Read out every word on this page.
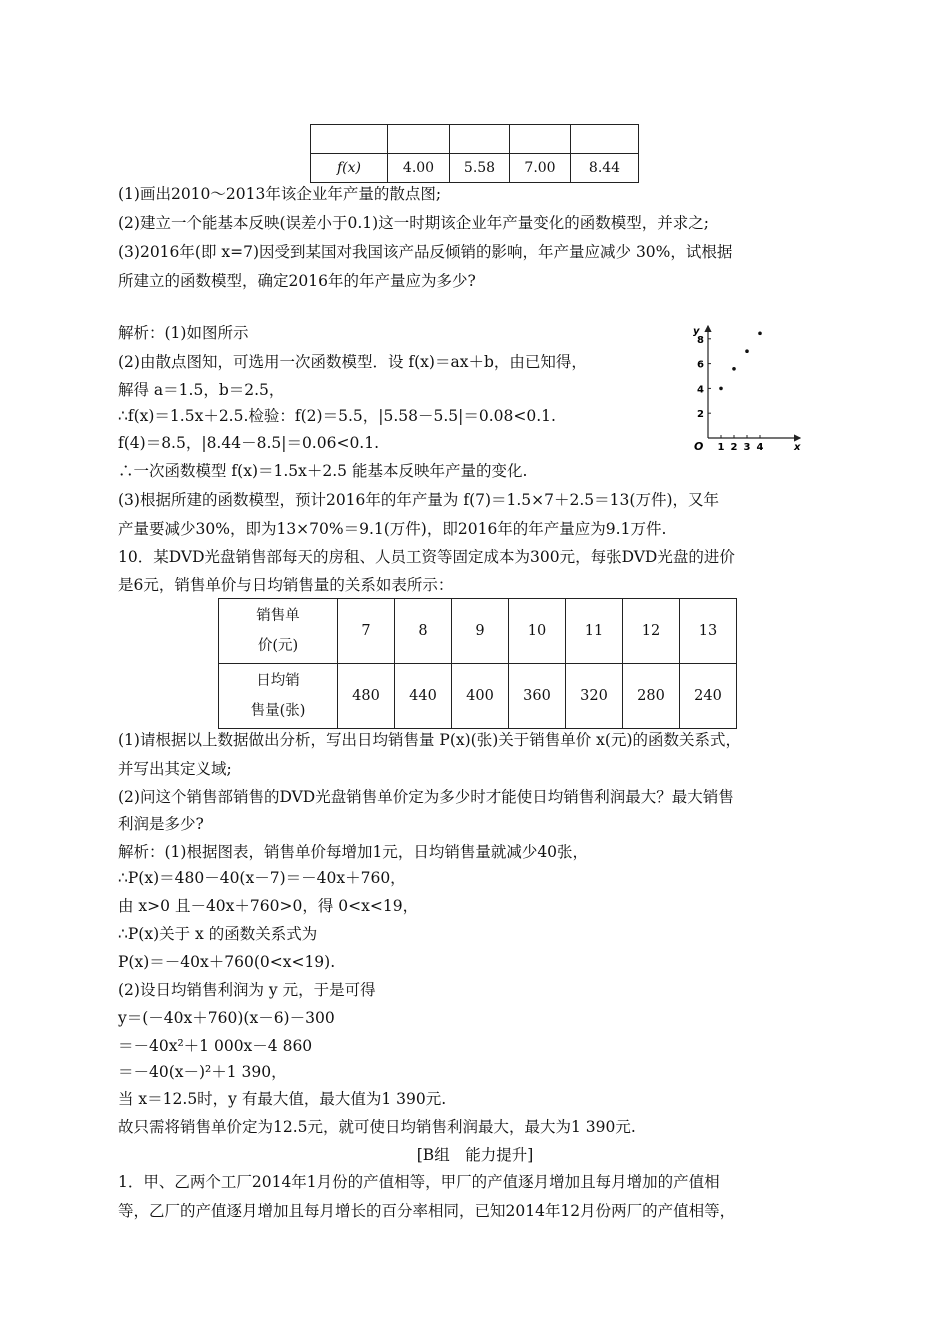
f(x)	4.00	5.58	7.00	8.44
(1)画出2010～2013年该企业年产量的散点图;
(2)建立一个能基本反映(误差小于0.1)这一时期该企业年产量变化的函数模型，并求之;
(3)2016年(即 x=7)因受到某国对我国该产品反倾销的影响，年产量应减少 30%，试根据
所建立的函数模型，确定2016年的年产量应为多少?
解析：(1)如图所示
(2)由散点图知，可选用一次函数模型．设 f(x)＝ax＋b，由已知得，
解得 a＝1.5，b＝2.5，
∴f(x)＝1.5x＋2.5.检验：f(2)＝5.5，|5.58－5.5|＝0.08<0.1.
f(4)＝8.5，|8.44－8.5|＝0.06<0.1.
∴一次函数模型 f(x)＝1.5x＋2.5 能基本反映年产量的变化.
(3)根据所建的函数模型，预计2016年的年产量为 f(7)＝1.5×7＋2.5＝13(万件)，又年
产量要减少30%，即为13×70%＝9.1(万件)，即2016年的年产量应为9.1万件.
10．某DVD光盘销售部每天的房租、人员工资等固定成本为300元，每张DVD光盘的进价
是6元，销售单价与日均销售量的关系如表所示：
x
y
O 1 2 3 4
2
4
6
8
销售单
价(元)	7	8	9	10	11	12	13

日均销
售量(张)	480	440	400	360	320	280	240
(1)请根据以上数据做出分析，写出日均销售量 P(x)(张)关于销售单价 x(元)的函数关系式，
并写出其定义域;
(2)问这个销售部销售的DVD光盘销售单价定为多少时才能使日均销售利润最大？最大销售
利润是多少?
解析：(1)根据图表，销售单价每增加1元，日均销售量就减少40张，
∴P(x)＝480－40(x－7)＝－40x＋760，
由 x>0 且－40x＋760>0，得 0<x<19，
∴P(x)关于 x 的函数关系式为
P(x)＝－40x＋760(0<x<19).
(2)设日均销售利润为 y 元，于是可得
y＝(－40x＋760)(x－6)－300
＝－40x²＋1 000x－4 860
＝－40(x－)²＋1 390，
当 x＝12.5时，y 有最大值，最大值为1 390元.
故只需将销售单价定为12.5元，就可使日均销售利润最大，最大为1 390元.
[B组　能力提升]
1．甲、乙两个工厂2014年1月份的产值相等，甲厂的产值逐月增加且每月增加的产值相
等，乙厂的产值逐月增加且每月增长的百分率相同，已知2014年12月份两厂的产值相等，
